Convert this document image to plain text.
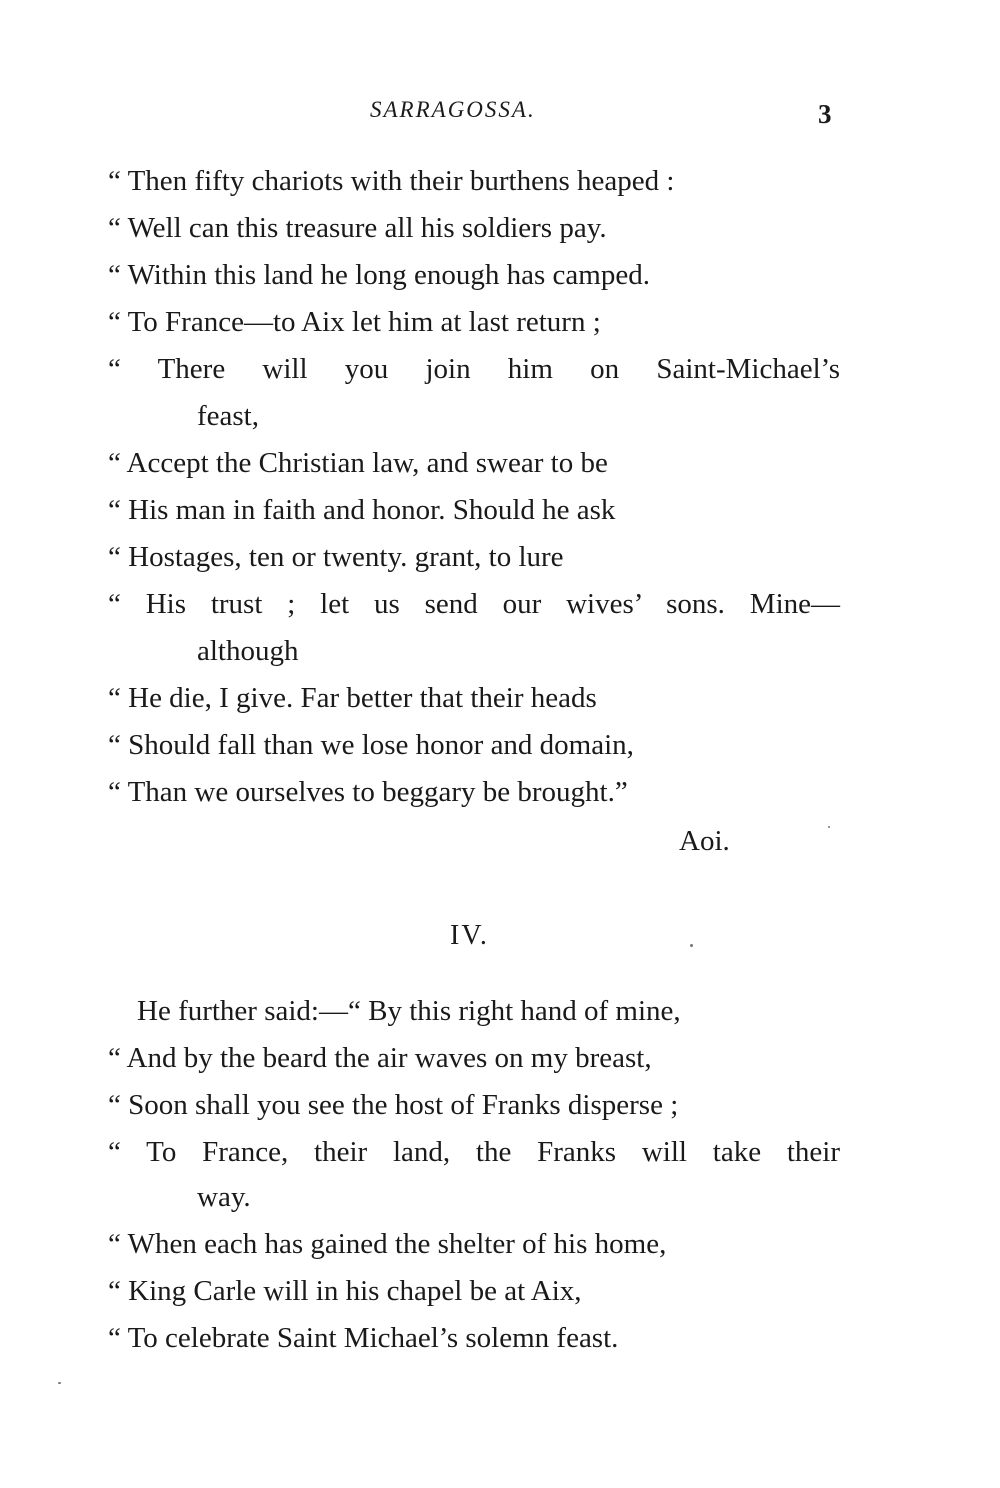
SARRAGOSSA.	3
“ Then fifty chariots with their burthens heaped :
“ Well can this treasure all his soldiers pay.
“ Within this land he long enough has camped.
“ To France—to Aix let him at last return ;
“ There will you join him on Saint-Michael’s
feast,
“ Accept the Christian law, and swear to be
“ His man in faith and honor. Should he ask
“ Hostages, ten or twenty. grant, to lure
“ His trust ; let us send our wives’ sons. Mine—
although
“ He die, I give. Far better that their heads
“ Should fall than we lose honor and domain,
“ Than we ourselves to beggary be brought.”
Aoi.
IV.
He further said:—“ By this right hand of mine,
“ And by the beard the air waves on my breast,
“ Soon shall you see the host of Franks disperse ;
“ To France, their land, the Franks will take their
way.
“ When each has gained the shelter of his home,
“ King Carle will in his chapel be at Aix,
“ To celebrate Saint Michael’s solemn feast.
